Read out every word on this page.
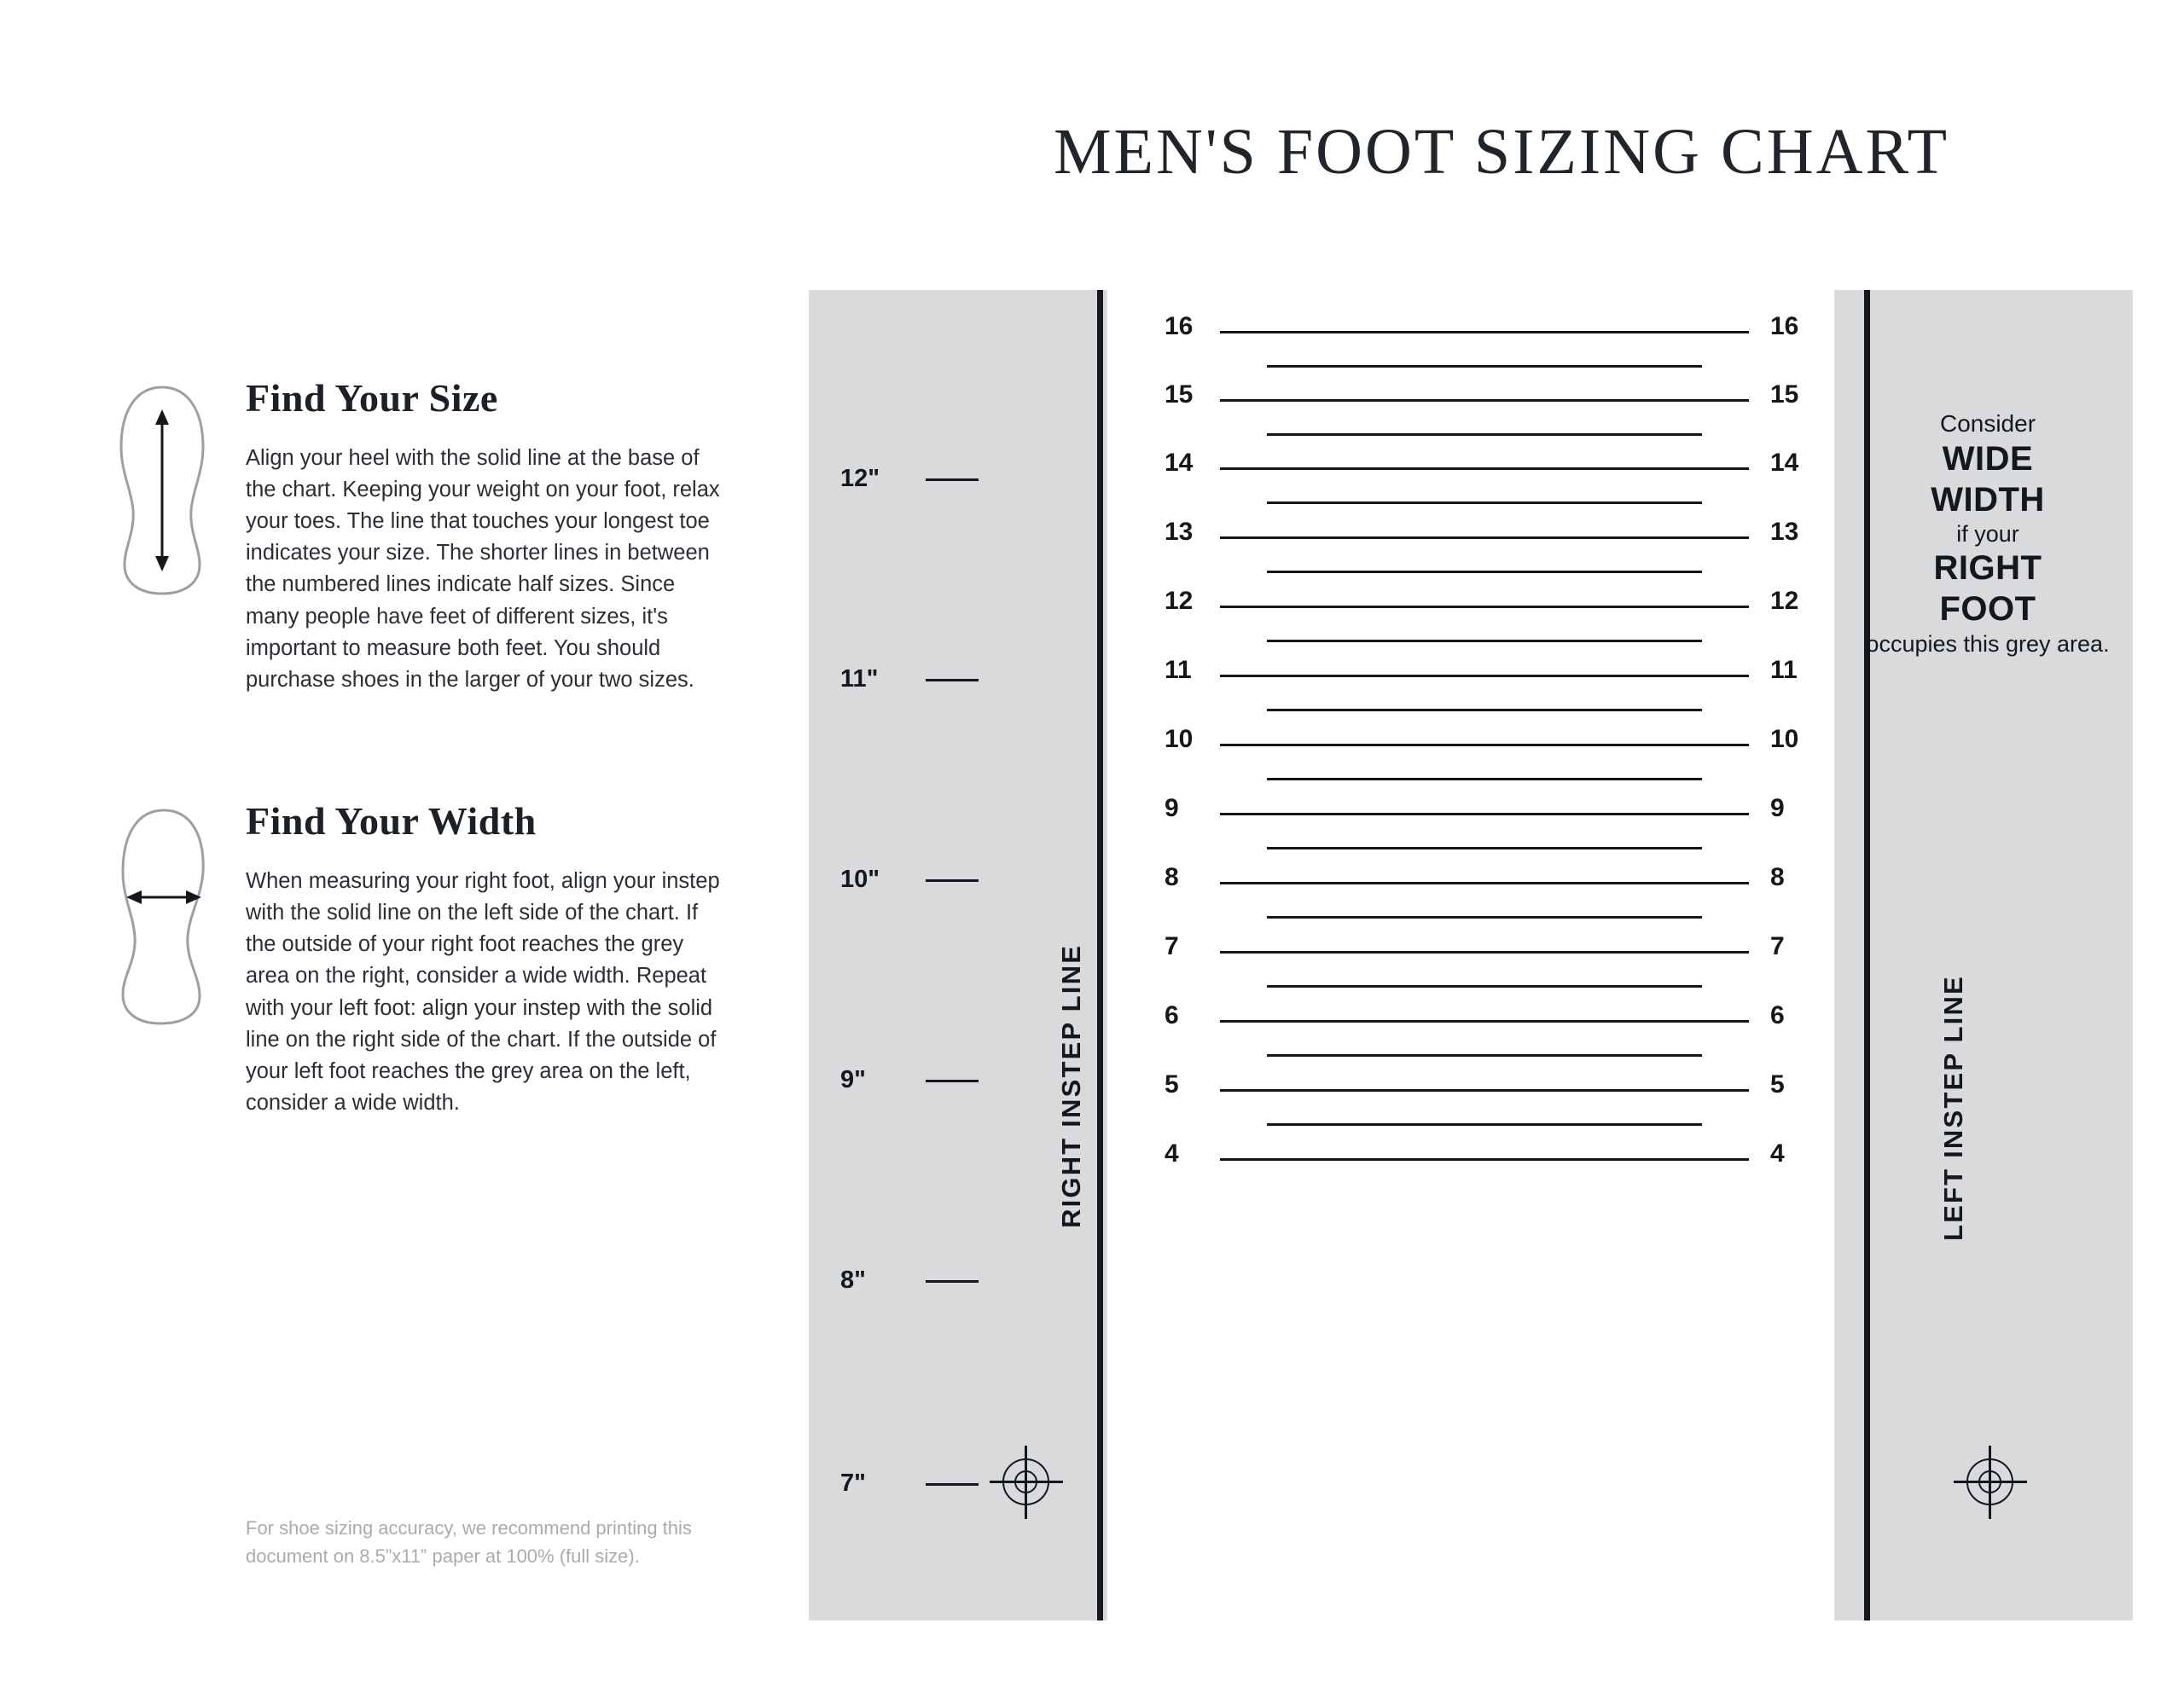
MEN'S FOOT SIZING CHART
Find Your Size

Align your heel with the solid line at the base of the chart. Keeping your weight on your foot, relax your toes. The line that touches your longest toe indicates your size. The shorter lines in between the numbered lines indicate half sizes. Since many people have feet of different sizes, it's important to measure both feet. You should purchase shoes in the larger of your two sizes.

Find Your Width

When measuring your right foot, align your instep with the solid line on the left side of the chart. If the outside of your right foot reaches the grey area on the right, consider a wide width. Repeat with your left foot: align your instep with the solid line on the right side of the chart. If the outside of your left foot reaches the grey area on the left, consider a wide width.

For shoe sizing accuracy, we recommend printing this document on 8.5”x11” paper at 100% (full size).
RIGHT INSTEP LINE	LEFT INSTEP LINE
12"
11"
10"
9"
8"
7"
16	16
15	15
14	14
13	13
12	12
11	11
10	10
9	9
8	8
7	7
6	6
5	5
4	4
Consider
WIDE
WIDTH
if your
RIGHT
FOOT
occupies this grey area.
